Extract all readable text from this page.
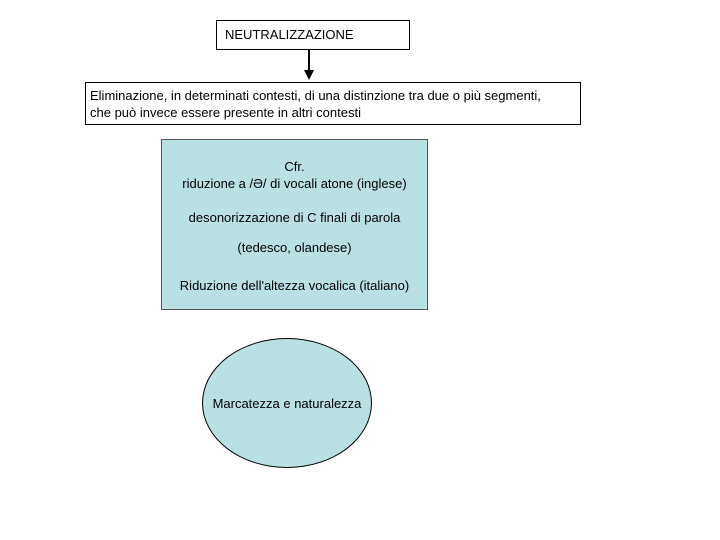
NEUTRALIZZAZIONE
Eliminazione, in determinati contesti, di una distinzione tra due o più segmenti,
che può invece essere presente in altri contesti

Cfr.

riduzione a /Ə/ di vocali atone (inglese)

desonorizzazione di C finali di parola

(tedesco, olandese)

Riduzione dell'altezza vocalica (italiano)

Marcatezza e naturalezza
